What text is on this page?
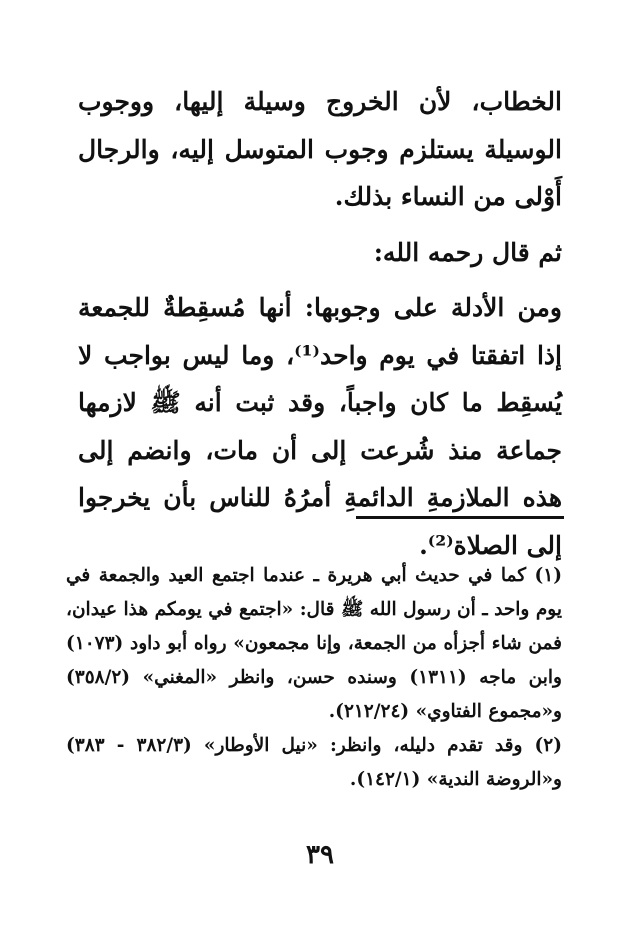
الخطاب، لأن الخروج وسيلة إليها، ووجوب الوسيلة يستلزم وجوب المتوسل إليه، والرجال أَوْلى من النساء بذلك.

ثم قال رحمه الله:

ومن الأدلة على وجوبها: أنها مُسقِطةٌ للجمعة إذا اتفقتا في يوم واحد⁽¹⁾، وما ليس بواجب لا يُسقِط ما كان واجباً، وقد ثبت أنه ﷺ لازمها جماعة منذ شُرعت إلى أن مات، وانضم إلى هذه الملازمةِ الدائمةِ أمرُهُ للناس بأن يخرجوا إلى الصلاة⁽²⁾.

(١) كما في حديث أبي هريرة ـ عندما اجتمع العيد والجمعة في يوم واحد ـ أن رسول الله ﷺ قال: «اجتمع في يومكم هذا عيدان، فمن شاء أجزأه من الجمعة، وإنا مجمعون» رواه أبو داود (١٠٧٣) وابن ماجه (١٣١١) وسنده حسن، وانظر «المغني» (٣٥٨/٢) و«مجموع الفتاوي» (٢١٢/٢٤).

(٢) وقد تقدم دليله، وانظر: «نيل الأوطار» (٣٨٢/٣ - ٣٨٣) و«الروضة الندية» (١٤٢/١).

٣٩
